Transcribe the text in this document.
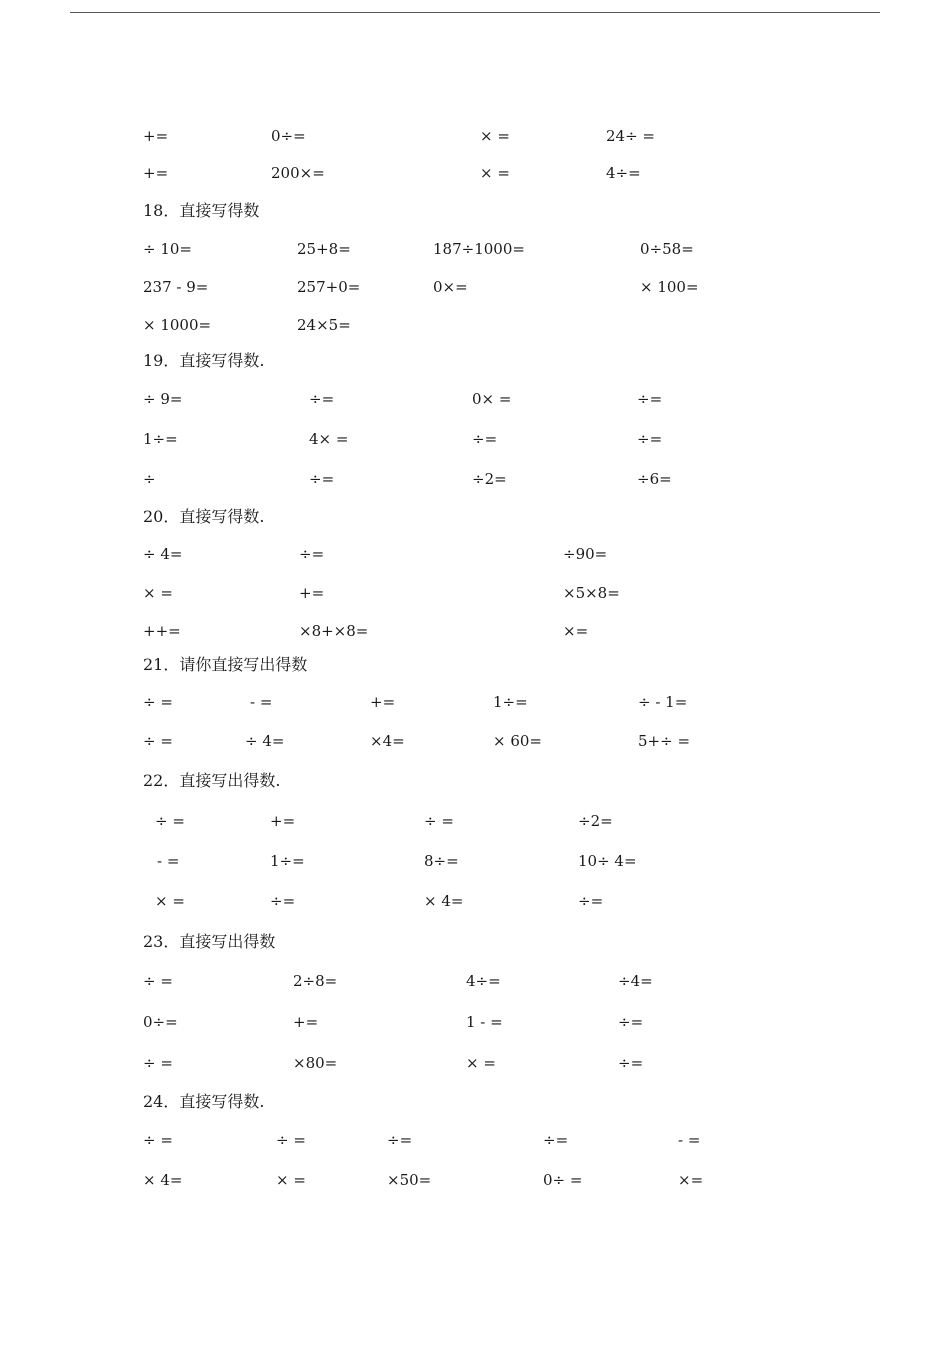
+=	0÷=	× =	24÷ =
+=	200×=	× =	4÷=
18．直接写得数
÷ 10=	25+8=	187÷1000=	0÷58=
237 - 9=	257+0=	0×=	× 100=
× 1000=	24×5=
19．直接写得数.
÷ 9=	÷=	0× =	÷=
1÷=	4× =	÷=	÷=
÷	÷=	÷2=	÷6=
20．直接写得数.
÷ 4=	÷=	÷90=
× =	+=	×5×8=
++=	×8+×8=	×=
21．请你直接写出得数
÷ =	- =	+=	1÷=	÷ - 1=
÷ =	÷ 4=	×4=	× 60=	5+÷ =
22．直接写出得数.
÷ =	+=	÷ =	÷2=
- =	1÷=	8÷=	10÷ 4=
× =	÷=	× 4=	÷=
23．直接写出得数
÷ =	2÷8=	4÷=	÷4=
0÷=	+=	1 - =	÷=
÷ =	×80=	× =	÷=
24．直接写得数.
÷ =	÷ =	÷=	÷=	- =
× 4=	× =	×50=	0÷ =	×=
